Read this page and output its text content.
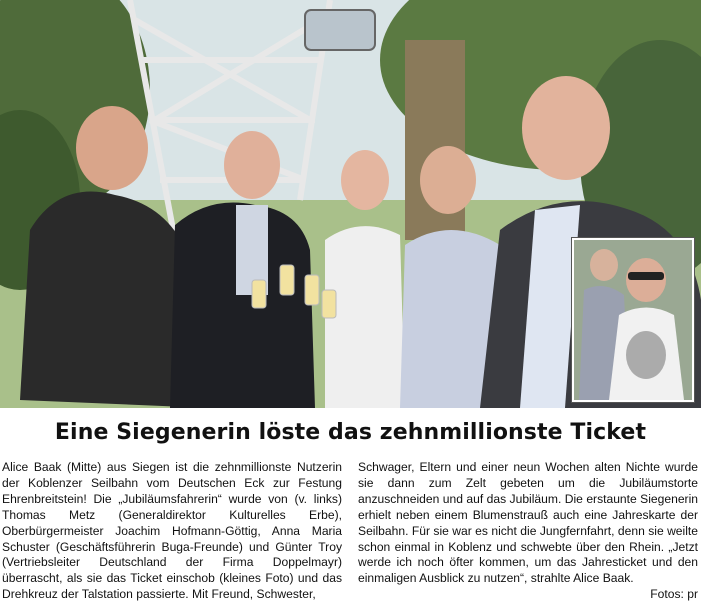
Eine Siegenerin löste das zehnmillionste Ticket

Alice Baak (Mitte) aus Siegen ist die zehnmillionste Nutzerin der Koblenzer Seilbahn vom Deutschen Eck zur Festung Ehrenbreitstein! Die „Jubiläumsfahrerin“ wurde von (v. links) Thomas Metz (Generaldirektor Kulturelles Erbe), Oberbürgermeister Joachim Hofmann-Göttig, Anna Maria Schuster (Geschäftsführerin Buga-Freunde) und Günter Troy (Vertriebsleiter Deutschland der Firma Doppelmayr) überrascht, als sie das Ticket einschob (kleines Foto) und das Drehkreuz der Talstation passierte. Mit Freund, Schwester,

Schwager, Eltern und einer neun Wochen alten Nichte wurde sie dann zum Zelt gebeten um die Jubiläumstorte anzuschneiden und auf das Jubiläum. Die erstaunte Siegenerin erhielt neben einem Blumenstrauß auch eine Jahreskarte der Seilbahn. Für sie war es nicht die Jungfernfahrt, denn sie weilte schon einmal in Koblenz und schwebte über den Rhein. „Jetzt werde ich noch öfter kommen, um das Jahresticket und den einmaligen Ausblick zu nutzen“, strahlte Alice Baak.

Fotos: pr
